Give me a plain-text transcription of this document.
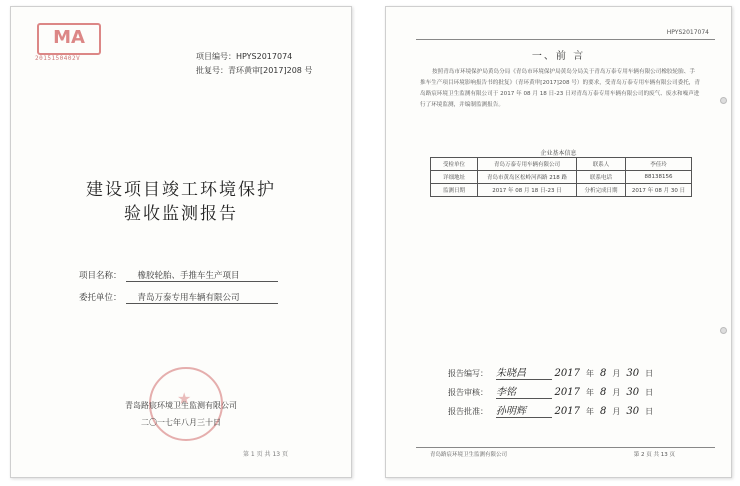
MA
2015150402V	项目编号：HPYS2017074
批复号：青环黄审[2017]208 号
建设项目竣工环境保护
验收监测报告
项目名称： 橡胶轮胎、手推车生产项目
委托单位： 青岛万泰专用车辆有限公司
★
青岛路宸环境卫生监测有限公司
二〇一七年八月三十日
第 1 页 共 13 页
HPYS2017074
一、前 言
按照青岛市环境保护局黄岛分局《青岛市环境保护局黄岛分局关于青岛万泰专用车辆有限公司橡胶轮胎、手推车生产项目环境影响报告书的批复》（青环黄审[2017]208 号）的要求，受青岛万泰专用车辆有限公司委托，青岛路宸环境卫生监测有限公司于 2017 年 08 月 18 日-23 日对青岛万泰专用车辆有限公司的废气、废水和噪声进行了环境监测，并编制监测报告。
企业基本信息
受检单位	青岛万泰专用车辆有限公司	联系人	李佳玲
详细地址	青岛市黄岛区松岭河西路 218 路	联系电话	88138156
监测日期	2017 年 08 月 18 日-23 日	分析完成日期	2017 年 08 月 30 日
报告编写： 朱晓昌	2017 年 8 月 30 日
报告审核： 李铭	2017 年 8 月 30 日
报告批准： 孙明辉	2017 年 8 月 30 日
青岛路宸环境卫生监测有限公司	第 2 页 共 13 页
